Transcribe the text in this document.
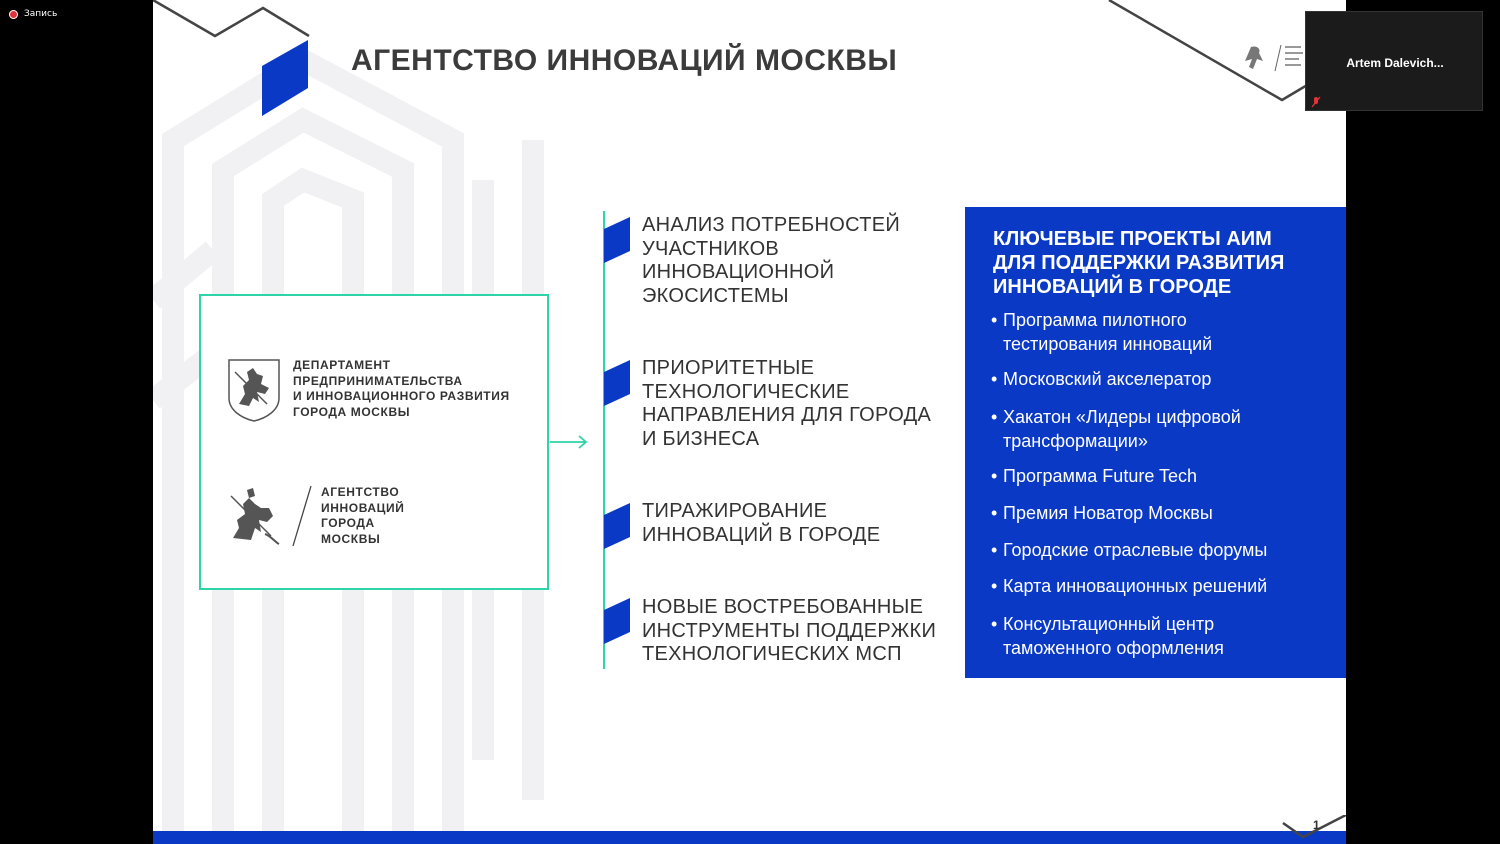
Запись
АГЕНТСТВО ИННОВАЦИЙ МОСКВЫ
ДЕПАРТАМЕНТ
ПРЕДПРИНИМАТЕЛЬСТВА
И ИННОВАЦИОННОГО РАЗВИТИЯ
ГОРОДА МОСКВЫ
АГЕНТСТВО
ИННОВАЦИЙ
ГОРОДА
МОСКВЫ
АНАЛИЗ ПОТРЕБНОСТЕЙ
УЧАСТНИКОВ
ИННОВАЦИОННОЙ
ЭКОСИСТЕМЫ
ПРИОРИТЕТНЫЕ
ТЕХНОЛОГИЧЕСКИЕ
НАПРАВЛЕНИЯ ДЛЯ ГОРОДА
И БИЗНЕСА
ТИРАЖИРОВАНИЕ
ИННОВАЦИЙ В ГОРОДЕ
НОВЫЕ ВОСТРЕБОВАННЫЕ
ИНСТРУМЕНТЫ ПОДДЕРЖКИ
ТЕХНОЛОГИЧЕСКИХ МСП
КЛЮЧЕВЫЕ ПРОЕКТЫ АИМ
ДЛЯ ПОДДЕРЖКИ РАЗВИТИЯ
ИННОВАЦИЙ В ГОРОДЕ
• Программа пилотного
тестирования инноваций
• Московский акселератор
• Хакатон «Лидеры цифровой
трансформации»
• Программа Future Tech
• Премия Новатор Москвы
• Городские отраслевые форумы
• Карта инновационных решений
• Консультационный центр
таможенного оформления
1
Artem Dalevich...
